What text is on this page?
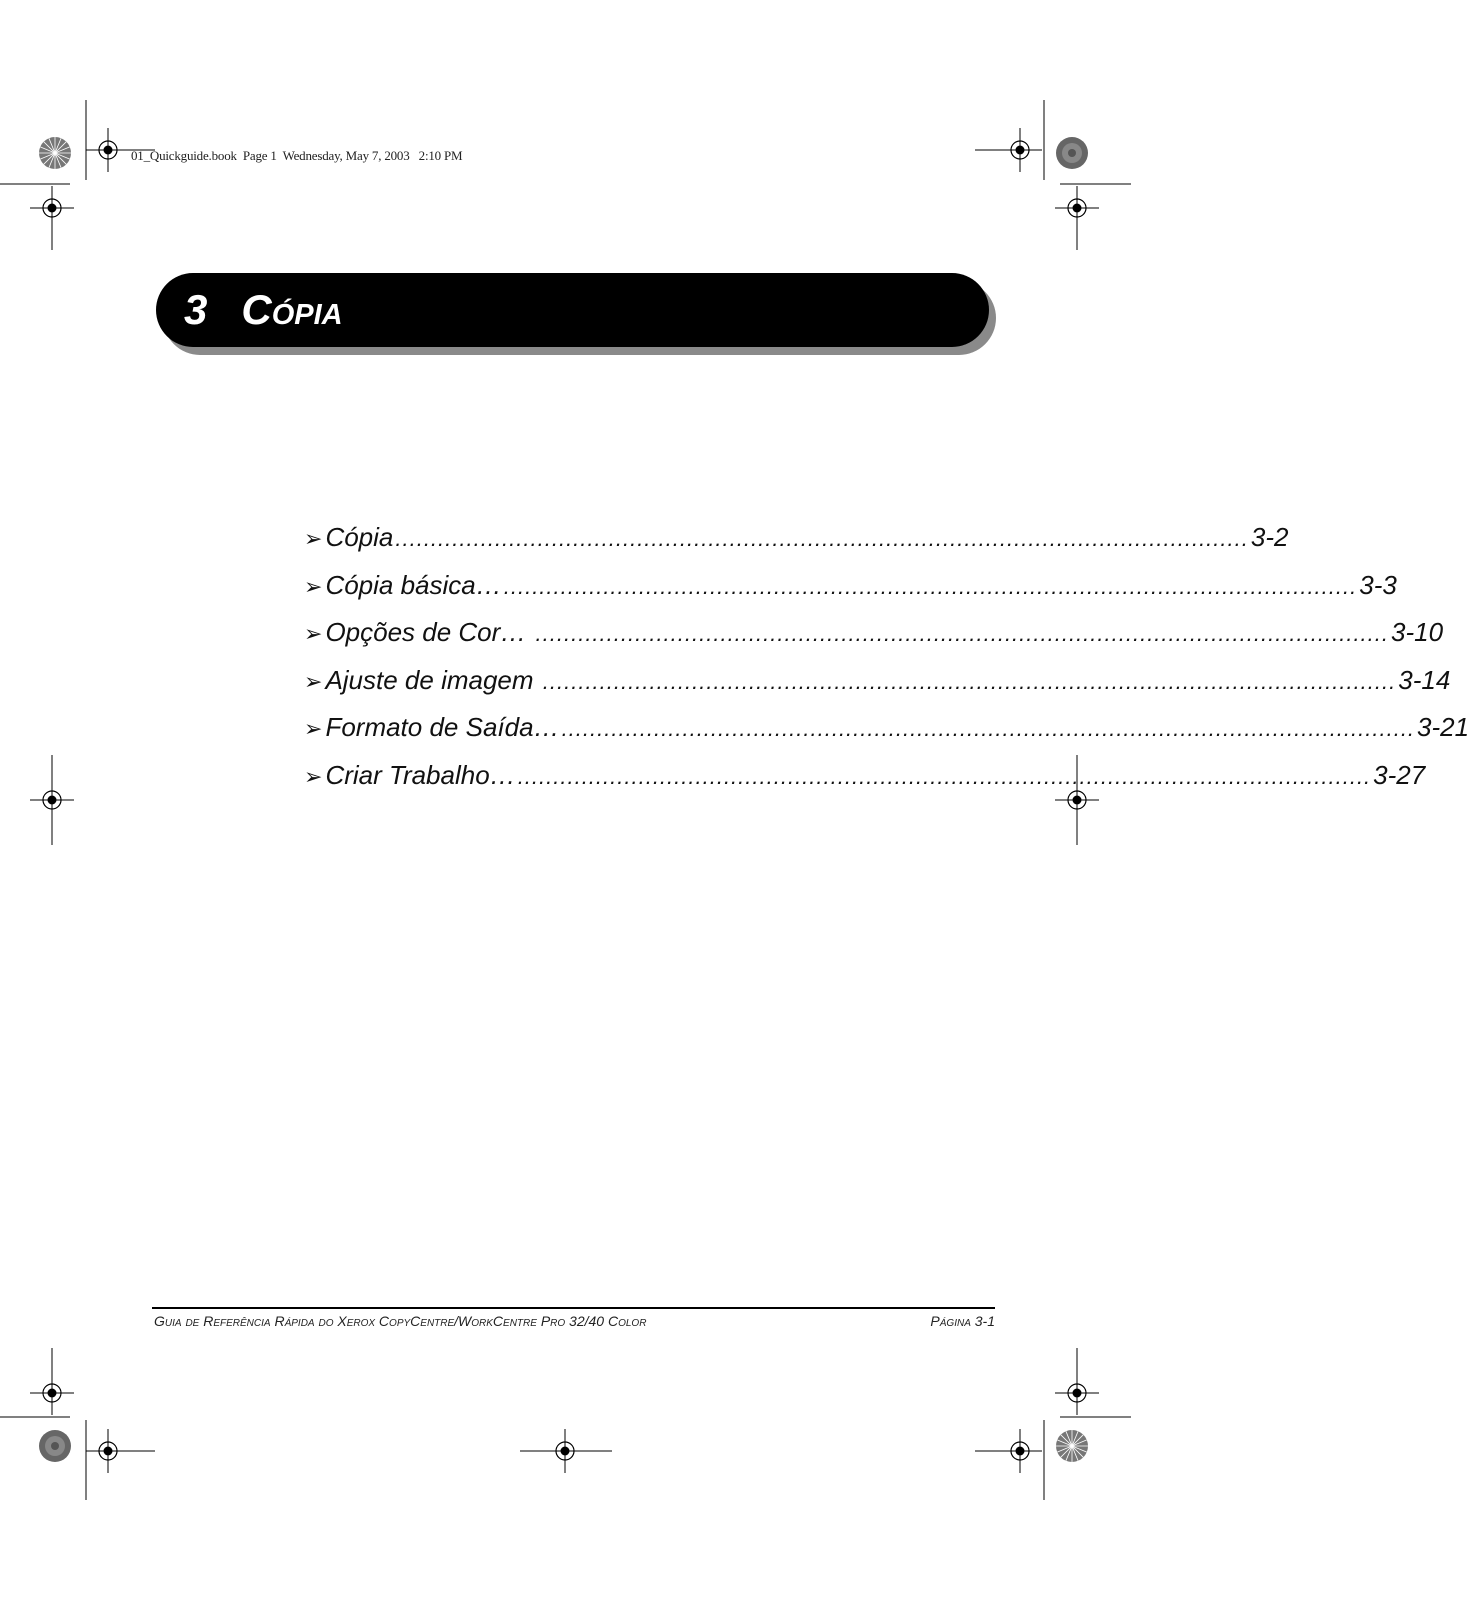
01_Quickguide.book  Page 1  Wednesday, May 7, 2003   2:10 PM
3 Cópia
➢ Cópia ........................................................................................................................ 3-2
➢ Cópia básica… ........................................................................................................................ 3-3
➢ Opções de Cor… ........................................................................................................................ 3-10
➢ Ajuste de imagem ........................................................................................................................ 3-14
➢ Formato de Saída… ........................................................................................................................ 3-21
➢ Criar Trabalho… ........................................................................................................................ 3-27
Guia de Referência Rápida do Xerox CopyCentre/WorkCentre Pro 32/40 Color	Página 3-1
